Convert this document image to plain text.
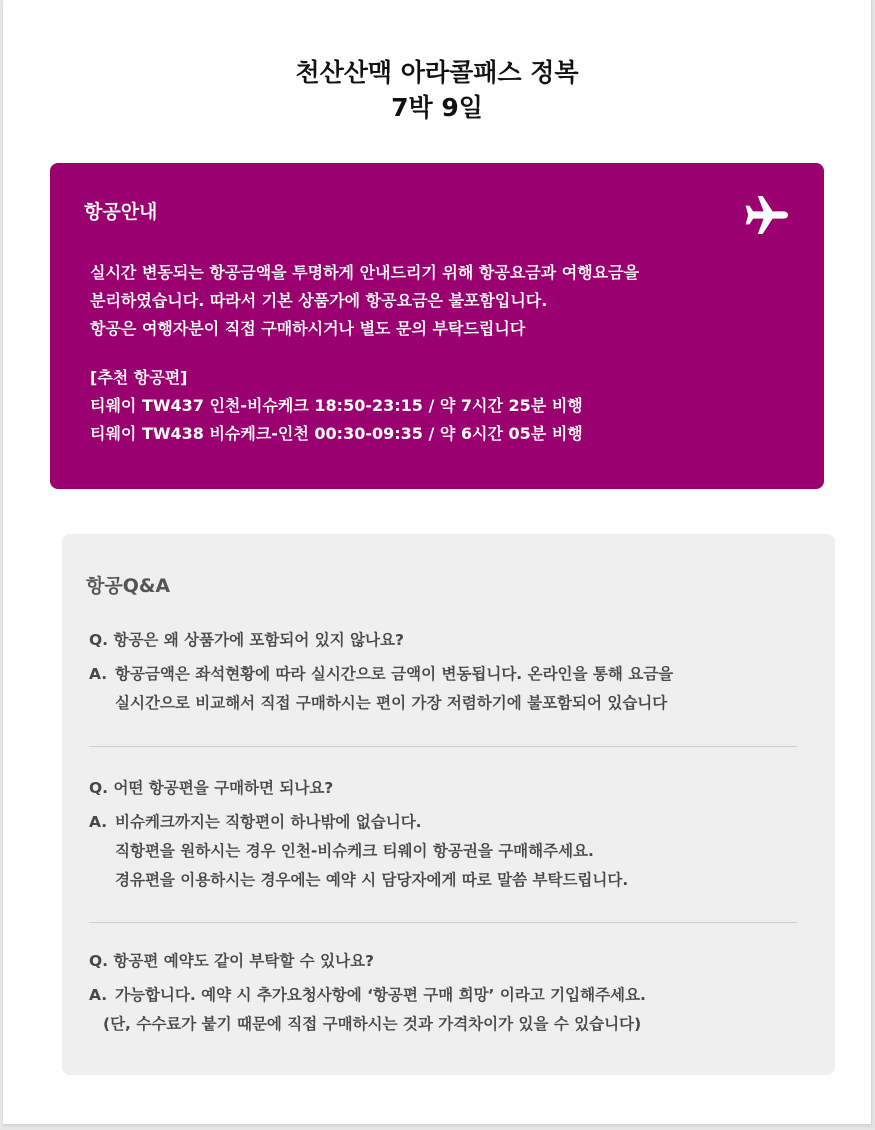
천산산맥 아라콜패스 정복
7박 9일
항공안내

실시간 변동되는 항공금액을 투명하게 안내드리기 위해 항공요금과 여행요금을

분리하였습니다. 따라서 기본 상품가에 항공요금은 불포함입니다.

항공은 여행자분이 직접 구매하시거나 별도 문의 부탁드립니다

[추천 항공편]

티웨이 TW437 인천-비슈케크 18:50-23:15 / 약 7시간 25분 비행

티웨이 TW438 비슈케크-인천 00:30-09:35 / 약 6시간 05분 비행

항공Q&A

Q. 항공은 왜 상품가에 포함되어 있지 않나요?

A. 항공금액은 좌석현황에 따라 실시간으로 금액이 변동됩니다. 온라인을 통해 요금을

실시간으로 비교해서 직접 구매하시는 편이 가장 저렴하기에 불포함되어 있습니다

Q. 어떤 항공편을 구매하면 되나요?

A. 비슈케크까지는 직항편이 하나밖에 없습니다.

직항편을 원하시는 경우 인천-비슈케크 티웨이 항공권을 구매해주세요.

경유편을 이용하시는 경우에는 예약 시 담당자에게 따로 말씀 부탁드립니다.

Q. 항공편 예약도 같이 부탁할 수 있나요?

A. 가능합니다. 예약 시 추가요청사항에 ‘항공편 구매 희망’ 이라고 기입해주세요.

(단, 수수료가 붙기 때문에 직접 구매하시는 것과 가격차이가 있을 수 있습니다)
